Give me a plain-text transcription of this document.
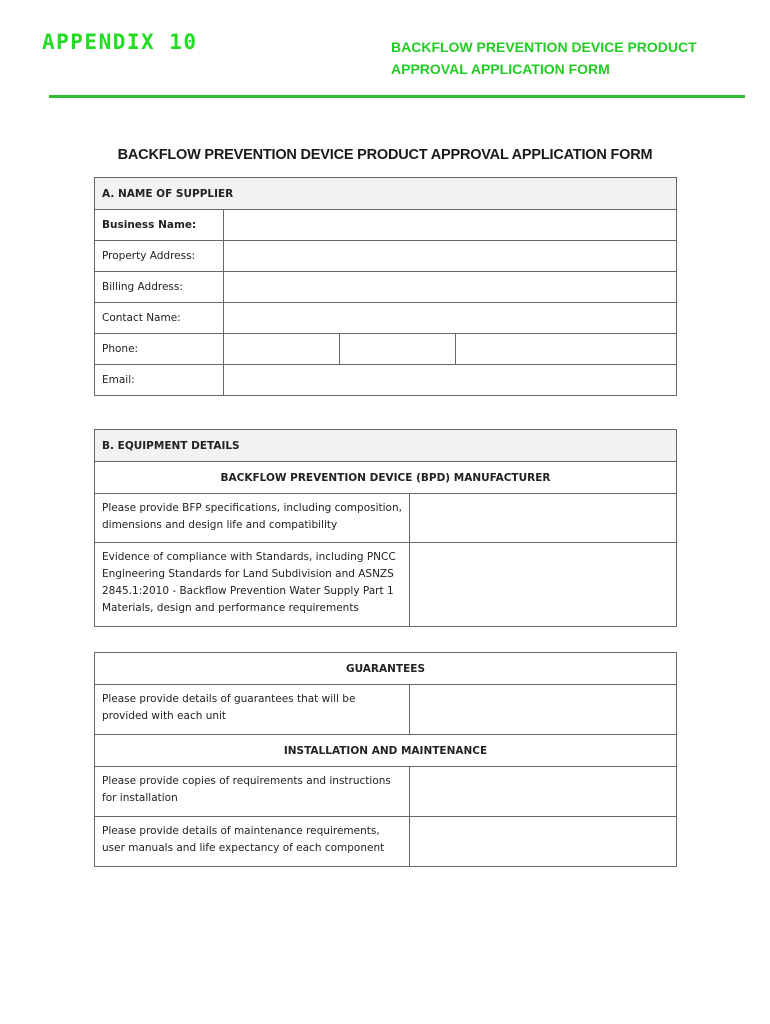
APPENDIX 10	BACKFLOW PREVENTION DEVICE PRODUCT
APPROVAL APPLICATION FORM
BACKFLOW PREVENTION DEVICE PRODUCT APPROVAL APPLICATION FORM
A. NAME OF SUPPLIER			
Business Name:			
Property Address:			
Billing Address:			
Contact Name:			
Phone:			
Email:			
B. EQUIPMENT DETAILS	
BACKFLOW PREVENTION DEVICE (BPD) MANUFACTURER	
Please provide BFP specifications, including composition, dimensions and design life and compatibility	
Evidence of compliance with Standards, including PNCC Engineering Standards for Land Subdivision and ASNZS 2845.1:2010 - Backflow Prevention Water Supply Part 1 Materials, design and performance requirements	
GUARANTEES	
Please provide details of guarantees that will be provided with each unit	
INSTALLATION AND MAINTENANCE	
Please provide copies of requirements and instructions for installation	
Please provide details of maintenance requirements, user manuals and life expectancy of each component	
